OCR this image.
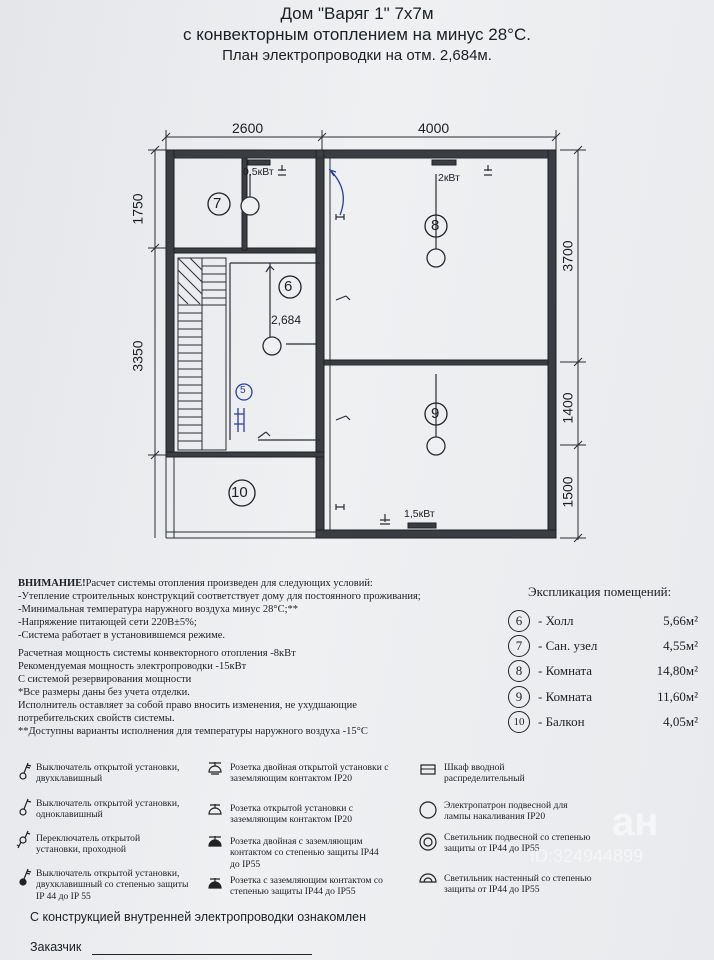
Дом "Варяг 1" 7х7м
с конвекторным отоплением на минус 28°С.
План электропроводки на отм. 2,684м.
2600	4000
1750
3350
3700
1400
1500
7
8
9
6
10
2,684
0,5кВт	2кВт
1,5кВт
5
ВНИМАНИЕ!Расчет системы отопления произведен для следующих условий:
-Утепление строительных конструкций соответствует дому для постоянного проживания;
-Минимальная температура наружного воздуха минус 28°С;**
-Напряжение питающей сети 220В±5%;
-Система работает в установившемся режиме.
Расчетная мощность системы конвекторного отопления -8кВт
Рекомендуемая мощность электропроводки -15кВт
С системой резервирования мощности
*Все размеры даны без учета отделки.
Исполнитель оставляет за собой право вносить изменения, не ухудшающие
потребительских свойств системы.
**Доступны варианты исполнения для температуры наружного воздуха -15°С
Экспликация помещений:
6	- Холл	5,66м²
7	- Сан. узел	4,55м²
8	- Комната	14,80м²
9	- Комната	11,60м²
10	- Балкон	4,05м²
Выключатель открытой установки, двухклавишный
Выключатель открытой установки, одноклавишный
Переключатель открытой установки, проходной
Выключатель открытой установки, двухклавишный со степенью защиты IP 44 до IP 55
Розетка двойная открытой установки с заземляющим контактом IP20
Розетка открытой установки с заземляющим контактом IP20
Розетка двойная с заземляющим контактом со степенью защиты IP44 до IP55
Розетка с заземляющим контактом со степенью защиты IP44 до IP55
Шкаф вводной распределительный
Электропатрон подвесной для лампы накаливания IP20
Светильник подвесной со степенью защиты от IP44 до IP55
Светильник настенный со степенью защиты от IP44 до IP55
С конструкцией внутренней электропроводки ознакомлен
Заказчик
ан
ID:324944899
